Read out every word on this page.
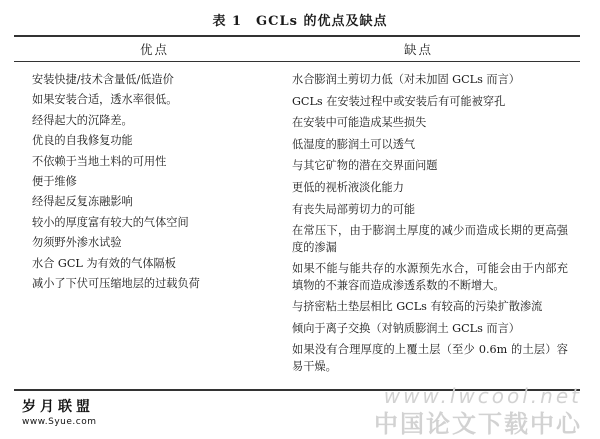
表 1　GCLs 的优点及缺点
优点	缺点
安装快捷/技术含量低/低造价
如果安装合适，透水率很低。
经得起大的沉降差。
优良的自我修复功能
不依赖于当地土料的可用性
便于维修
经得起反复冻融影响
较小的厚度富有较大的气体空间
勿须野外渗水试验
水合 GCL 为有效的气体隔板
减小了下伏可压缩地层的过载负荷
水合膨润土剪切力低（对未加固 GCLs 而言）
GCLs 在安装过程中或安装后有可能被穿孔
在安装中可能造成某些损失
低湿度的膨润土可以透气
与其它矿物的潜在交界面问题
更低的视析液淡化能力
有丧失局部剪切力的可能
在常压下，由于膨润土厚度的减少而造成长期的更高强度的渗漏
如果不能与能共存的水源预先水合，可能会由于内部充填物的不兼容而造成渗透系数的不断增大。
与挤密粘土垫层相比 GCLs 有较高的污染扩散渗流
倾向于离子交换（对钠质膨润土 GCLs 而言）
如果没有合理厚度的上覆土层（至少 0.6m 的土层）容易干燥。
岁月联盟
www.Syue.com
www.lwcool.net
中国论文下载中心
